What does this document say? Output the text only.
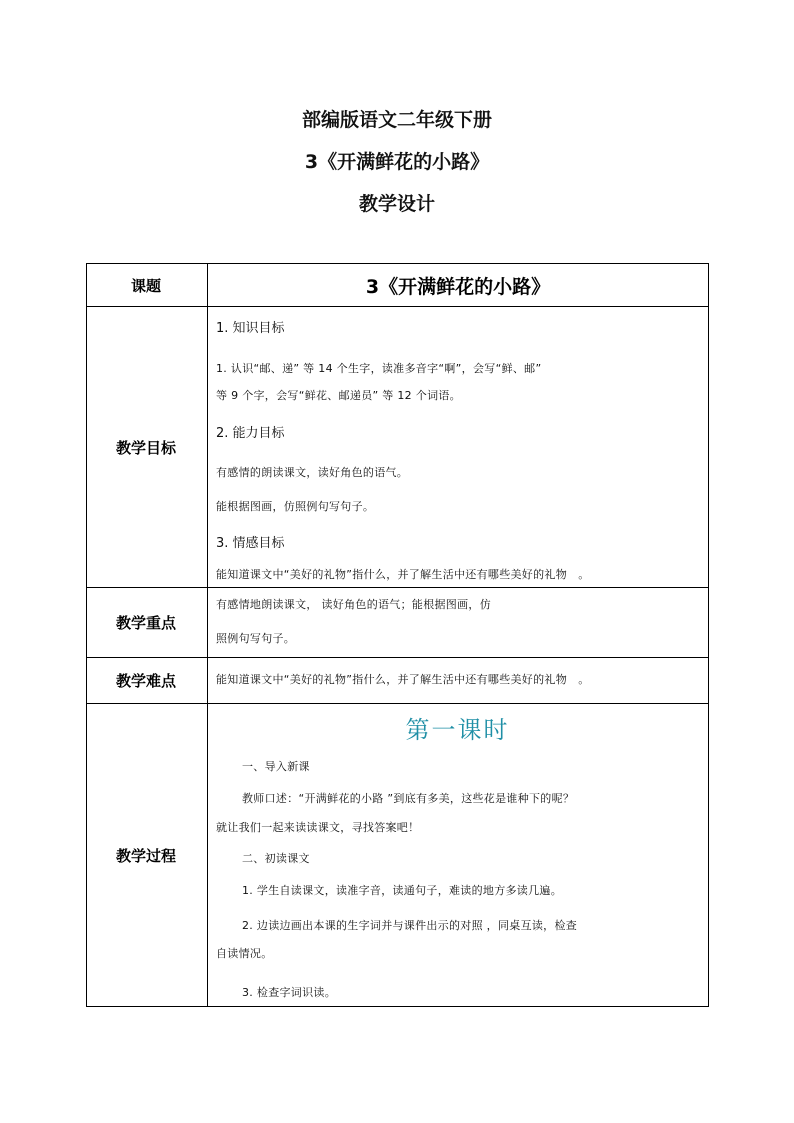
部编版语文二年级下册
3《开满鲜花的小路》
教学设计
课题	3《开满鲜花的小路》
教学目标
1. 知识目标
1. 认识“邮、递” 等 14 个生字，读准多音字“啊”，会写“鲜、邮”
等 9 个字，会写“鲜花、邮递员” 等 12 个词语。
2. 能力目标
有感情的朗读课文，读好角色的语气。
能根据图画，仿照例句写句子。
3. 情感目标
能知道课文中“美好的礼物”指什么，并了解生活中还有哪些美好的礼物　。
教学重点
有感情地朗读课文， 读好角色的语气；能根据图画，仿
照例句写句子。
教学难点	能知道课文中“美好的礼物”指什么，并了解生活中还有哪些美好的礼物　。
教学过程
第一课时
一、导入新课
教师口述：“开满鲜花的小路 ”到底有多美，这些花是谁种下的呢？
就让我们一起来读读课文，寻找答案吧！
二、初读课文
1. 学生自读课文，读准字音，读通句子，难读的地方多读几遍。
2. 边读边画出本课的生字词并与课件出示的对照 ，同桌互读，检查
自读情况。
3. 检查字词识读。
